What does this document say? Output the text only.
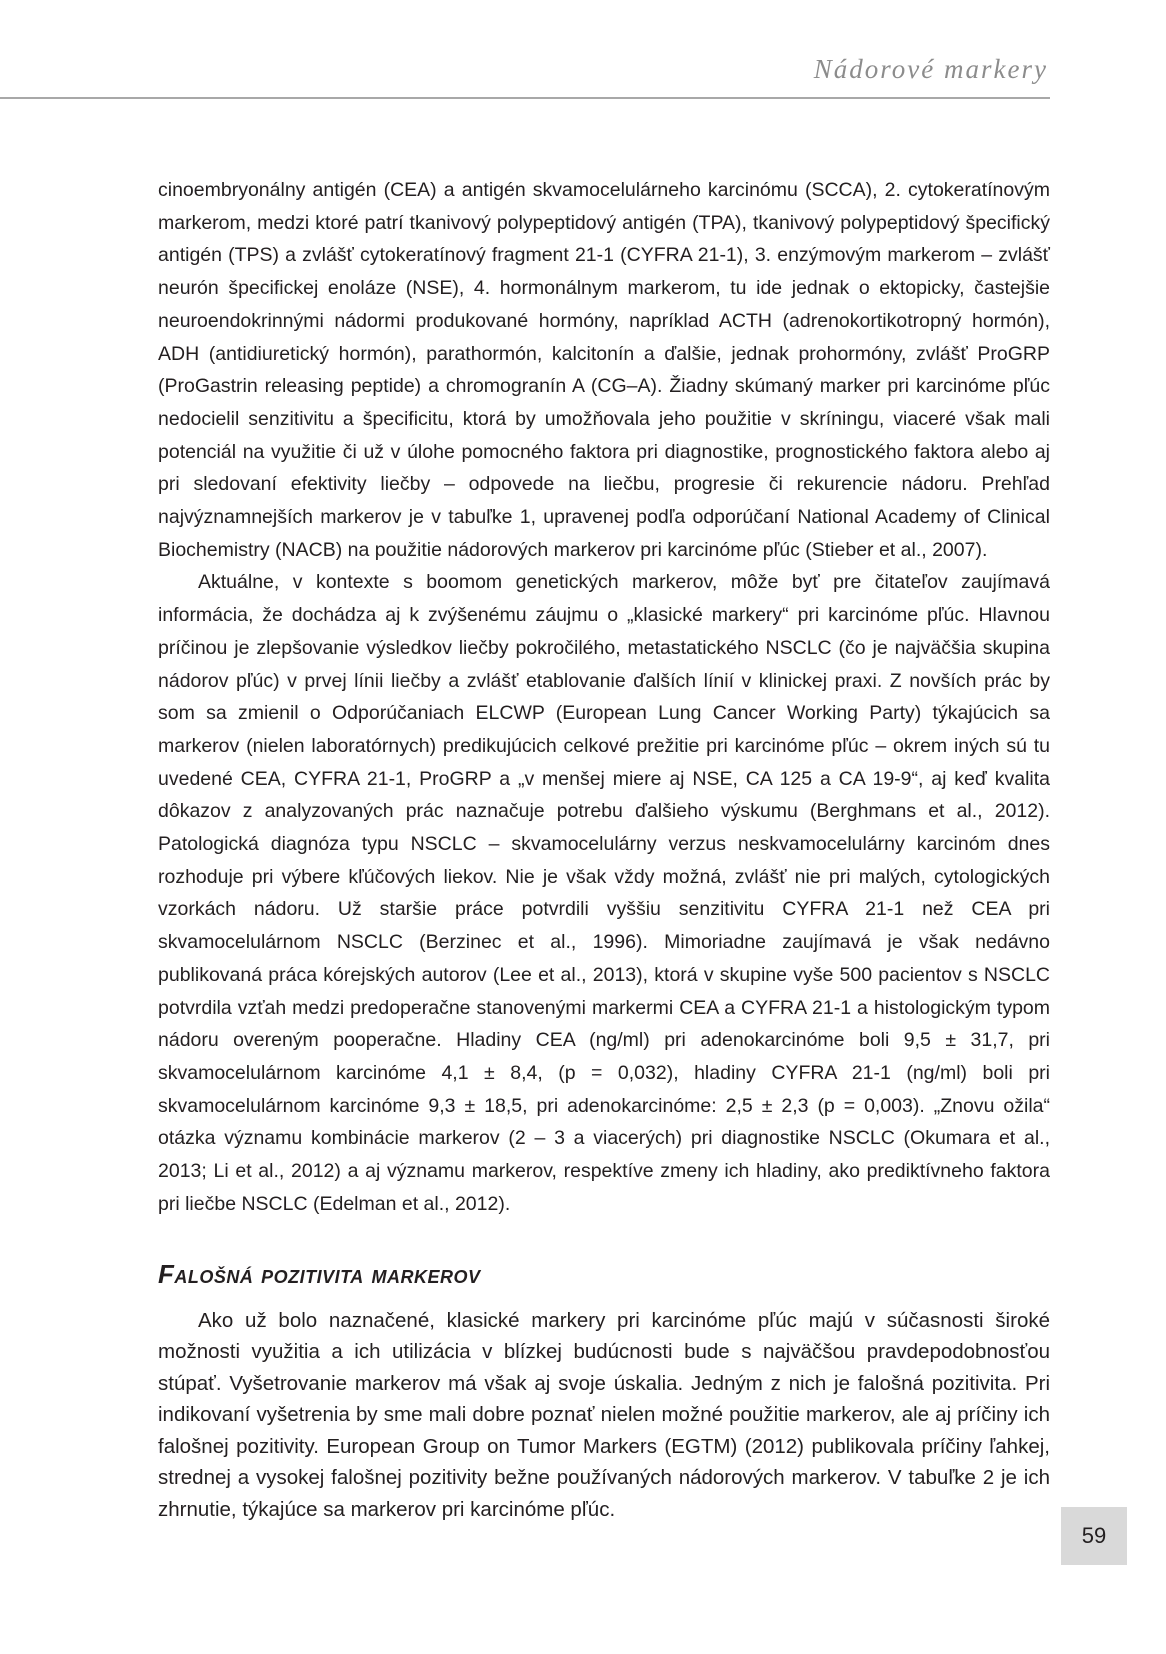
Nádorové markery

cinoembryonálny antigén (CEA) a antigén skvamocelulárneho karcinómu (SCCA), 2. cytokeratínovým markerom, medzi ktoré patrí tkanivový polypeptidový antigén (TPA), tkanivový polypeptidový špecifický antigén (TPS) a zvlášť cytokeratínový fragment 21-1 (CYFRA 21-1), 3. enzýmovým markerom – zvlášť neurón špecifickej enoláze (NSE), 4. hormonálnym markerom, tu ide jednak o ektopicky, častejšie neuroendokrinnými nádormi produkované hormóny, napríklad ACTH (adrenokortikotropný hormón), ADH (antidiuretický hormón), parathormón, kalcitonín a ďalšie, jednak prohormóny, zvlášť ProGRP (ProGastrin releasing peptide) a chromogranín A (CG–A). Žiadny skúmaný marker pri karcinóme pľúc nedocielil senzitivitu a špecificitu, ktorá by umožňovala jeho použitie v skríningu, viaceré však mali potenciál na využitie či už v úlohe pomocného faktora pri diagnostike, prognostického faktora alebo aj pri sledovaní efektivity liečby – odpovede na liečbu, progresie či rekurencie nádoru. Prehľad najvýznamnejších markerov je v tabuľke 1, upravenej podľa odporúčaní National Academy of Clinical Biochemistry (NACB) na použitie nádorových markerov pri karcinóme pľúc (Stieber et al., 2007).

Aktuálne, v kontexte s boomom genetických markerov, môže byť pre čitateľov zaujímavá informácia, že dochádza aj k zvýšenému záujmu o „klasické markery“ pri karcinóme pľúc. Hlavnou príčinou je zlepšovanie výsledkov liečby pokročilého, metastatického NSCLC (čo je najväčšia skupina nádorov pľúc) v prvej línii liečby a zvlášť etablovanie ďalších línií v klinickej praxi. Z novších prác by som sa zmienil o Odporúčaniach ELCWP (European Lung Cancer Working Party) týkajúcich sa markerov (nielen laboratórnych) predikujúcich celkové prežitie pri karcinóme pľúc – okrem iných sú tu uvedené CEA, CYFRA 21-1, ProGRP a „v menšej miere aj NSE, CA 125 a CA 19-9“, aj keď kvalita dôkazov z analyzovaných prác naznačuje potrebu ďalšieho výskumu (Berghmans et al., 2012). Patologická diagnóza typu NSCLC – skvamocelulárny verzus neskvamocelulárny karcinóm dnes rozhoduje pri výbere kľúčových liekov. Nie je však vždy možná, zvlášť nie pri malých, cytologických vzorkách nádoru. Už staršie práce potvrdili vyššiu senzitivitu CYFRA 21-1 než CEA pri skvamocelulárnom NSCLC (Berzinec et al., 1996). Mimoriadne zaujímavá je však nedávno publikovaná práca kórejských autorov (Lee et al., 2013), ktorá v skupine vyše 500 pacientov s NSCLC potvrdila vzťah medzi predoperačne stanovenými markermi CEA a CYFRA 21-1 a histologickým typom nádoru overeným pooperačne. Hladiny CEA (ng/ml) pri adenokarcinóme boli 9,5 ± 31,7, pri skvamocelulárnom karcinóme 4,1 ± 8,4, (p = 0,032), hladiny CYFRA 21-1 (ng/ml) boli pri skvamocelulárnom karcinóme 9,3 ± 18,5, pri adenokarcinóme: 2,5 ± 2,3 (p = 0,003). „Znovu ožila“ otázka významu kombinácie markerov (2 – 3 a viacerých) pri diagnostike NSCLC (Okumara et al., 2013; Li et al., 2012) a aj významu markerov, respektíve zmeny ich hladiny, ako prediktívneho faktora pri liečbe NSCLC (Edelman et al., 2012).

Falošná pozitivita markerov

Ako už bolo naznačené, klasické markery pri karcinóme pľúc majú v súčasnosti široké možnosti využitia a ich utilizácia v blízkej budúcnosti bude s najväčšou pravdepodobnosťou stúpať. Vyšetrovanie markerov má však aj svoje úskalia. Jedným z nich je falošná pozitivita. Pri indikovaní vyšetrenia by sme mali dobre poznať nielen možné použitie markerov, ale aj príčiny ich falošnej pozitivity. European Group on Tumor Markers (EGTM) (2012) publikovala príčiny ľahkej, strednej a vysokej falošnej pozitivity bežne používaných nádorových markerov. V tabuľke 2 je ich zhrnutie, týkajúce sa markerov pri karcinóme pľúc.

59
